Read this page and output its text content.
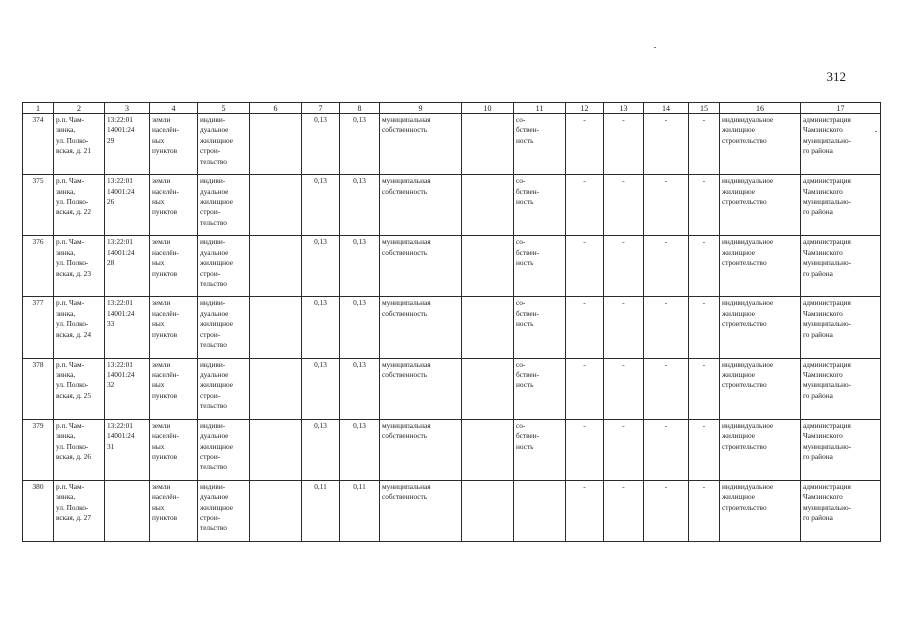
312
1	2	3	4	5	6	7	8	9	10	11	12	13	14	15	16	17
374	р.п. Чам-
зинка,
ул. Полко-
вская, д. 21	13:22:01
14001:24
29	земли
населён-
ных
пунктов	индиви-
дуальное
жилищное
строи-
тельство		0,13	0,13	муниципальная
собственность		со-
бствен-
ность	-	-	-	-	индивидуальное
жилищное
строительство	администрация
Чамзинского
муниципально-
го района

375	р.п. Чам-
зинка,
ул. Полко-
вская, д. 22	13:22:01
14001:24
26	земли
населён-
ных
пунктов	индиви-
дуальное
жилищное
строи-
тельство		0,13	0,13	муниципальная
собственность		со-
бствен-
ность	-	-	-	-	индивидуальное
жилищное
строительство	администрация
Чамзинского
муниципально-
го района

376	р.п. Чам-
зинка,
ул. Полко-
вская, д. 23	13:22:01
14001:24
28	земли
населён-
ных
пунктов	индиви-
дуальное
жилищное
строи-
тельство		0,13	0,13	муниципальная
собственность		со-
бствен-
ность	-	-	-	-	индивидуальное
жилищное
строительство	администрация
Чамзинского
муниципально-
го района

377	р.п. Чам-
зинка,
ул. Полко-
вская, д. 24	13:22:01
14001:24
33	земли
населён-
ных
пунктов	индиви-
дуальное
жилищное
строи-
тельство		0,13	0,13	муниципальная
собственность		со-
бствен-
ность	-	-	-	-	индивидуальное
жилищное
строительство	администрация
Чамзинского
муниципально-
го района

378	р.п. Чам-
зинка,
ул. Полко-
вская, д. 25	13:22:01
14001:24
32	земли
населён-
ных
пунктов	индиви-
дуальное
жилищное
строи-
тельство		0,13	0,13	муниципальная
собственность		со-
бствен-
ность	-	-	-	-	индивидуальное
жилищное
строительство	администрация
Чамзинского
муниципально-
го района

379	р.п. Чам-
зинка,
ул. Полко-
вская, д. 26	13:22:01
14001:24
31	земли
населён-
ных
пунктов	индиви-
дуальное
жилищное
строи-
тельство		0,13	0,13	муниципальная
собственность		со-
бствен-
ность	-	-	-	-	индивидуальное
жилищное
строительство	администрация
Чамзинского
муниципально-
го района

380	р.п. Чам-
зинка,
ул. Полко-
вская, д. 27		земли
населён-
ных
пунктов	индиви-
дуальное
жилищное
строи-
тельство		0,11	0,11	муниципальная
собственность			-	-	-	-	индивидуальное
жилищное
строительство	администрация
Чамзинского
муниципально-
го района
